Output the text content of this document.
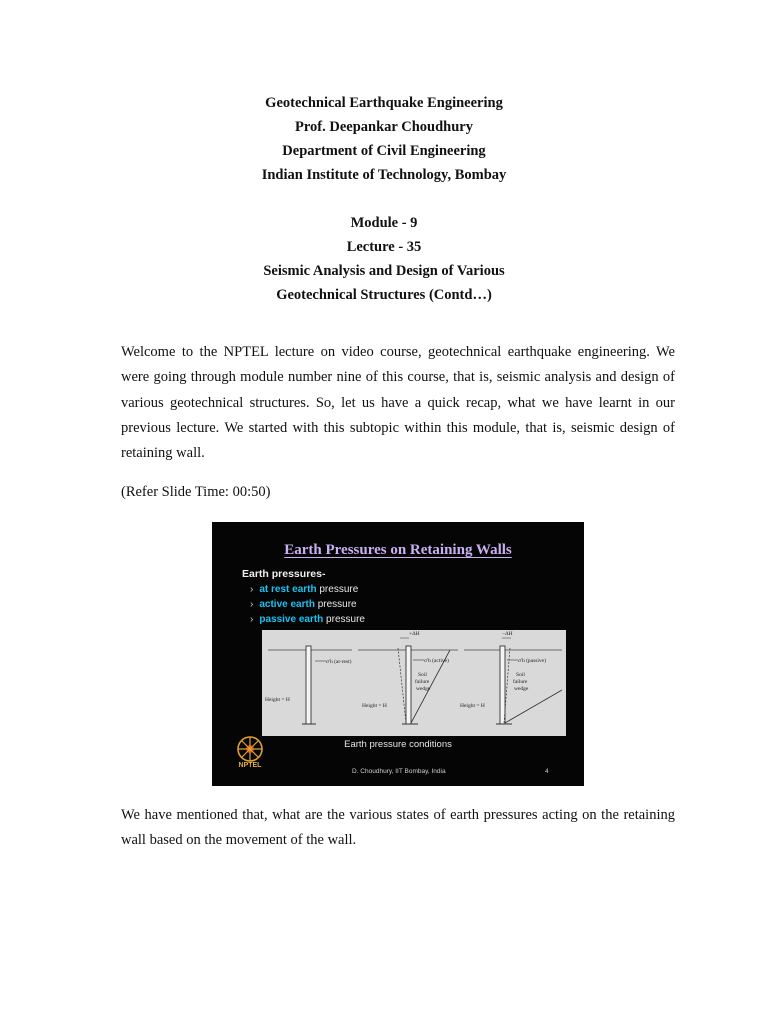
Geotechnical Earthquake Engineering
Prof. Deepankar Choudhury
Department of Civil Engineering
Indian Institute of Technology, Bombay
Module - 9
Lecture - 35
Seismic Analysis and Design of Various
Geotechnical Structures (Contd…)

Welcome to the NPTEL lecture on video course, geotechnical earthquake engineering. We were going through module number nine of this course, that is, seismic analysis and design of various geotechnical structures. So, let us have a quick recap, what we have learnt in our previous lecture. We started with this subtopic within this module, that is, seismic design of retaining wall.

(Refer Slide Time: 00:50)

Earth Pressures on Retaining Walls
Earth pressures-
› at rest earth pressure
› active earth pressure
› passive earth pressure
σ'h (at-rest)
Height = H
σ'h (active)
+ΔH
Soil
failure
wedge
Height = H
σ'h (passive)
−ΔH
Soil
failure
wedge
Height = H
Earth pressure conditions
NPTEL
D. Choudhury, IIT Bombay, India	4

We have mentioned that, what are the various states of earth pressures acting on the retaining wall based on the movement of the wall.
